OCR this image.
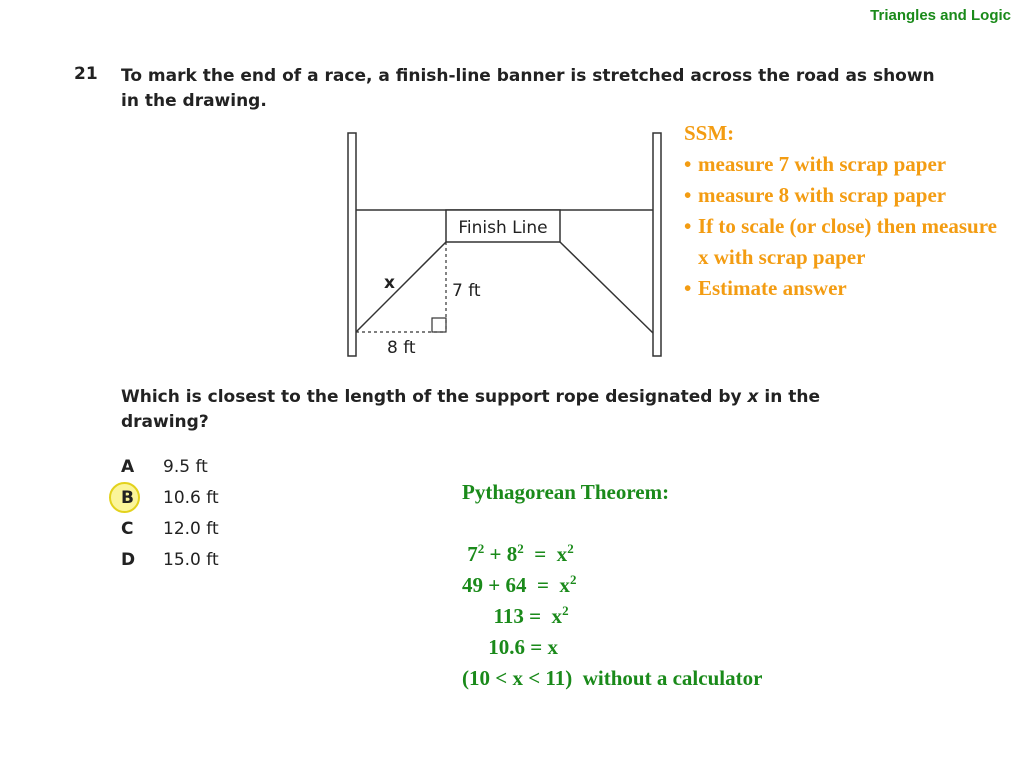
Triangles and Logic
21 To mark the end of a race, a finish-line banner is stretched across the road as shown in the drawing.
Finish Line
x	7 ft
8 ft
Which is closest to the length of the support rope designated by x in the drawing?
A	9.5 ft
B	10.6 ft
C	12.0 ft
D	15.0 ft
SSM:
• measure 7 with scrap paper
• measure 8 with scrap paper
• If to scale (or close) then measure x with scrap paper
• Estimate answer
Pythagorean Theorem:
$7^2 + 8^2 = x^2$
$49 + 64 = x^2$
$113 = x^2$
10.6 = x
(10 < x < 11)  without a calculator
